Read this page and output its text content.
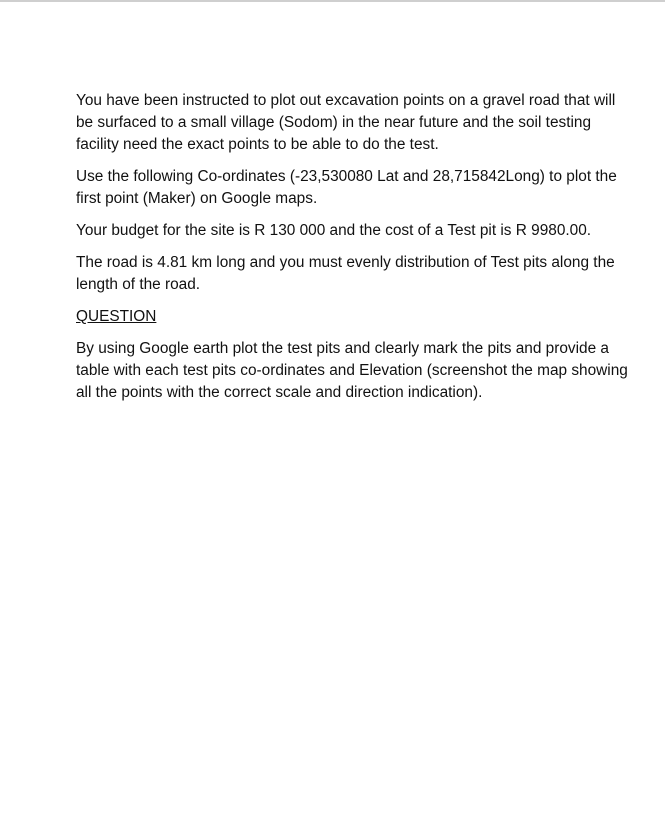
You have been instructed to plot out excavation points on a gravel road that will be surfaced to a small village (Sodom) in the near future and the soil testing facility need the exact points to be able to do the test.

Use the following Co-ordinates (-23,530080 Lat and 28,715842Long) to plot the first point (Maker) on Google maps.

Your budget for the site is R 130 000 and the cost of a Test pit is R 9980.00.

The road is 4.81 km long and you must evenly distribution of Test pits along the length of the road.

QUESTION

By using Google earth plot the test pits and clearly mark the pits and provide a table with each test pits co-ordinates and Elevation (screenshot the map showing all the points with the correct scale and direction indication).
